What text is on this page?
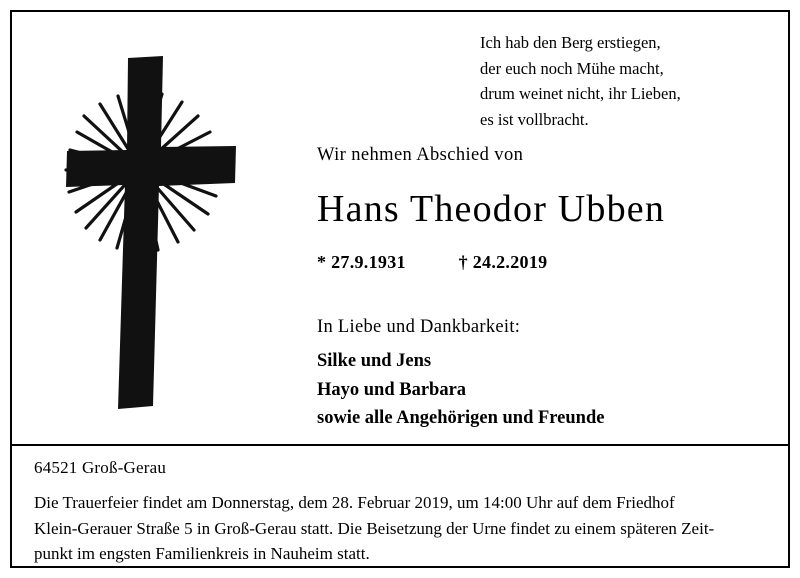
Ich hab den Berg erstiegen,
der euch noch Mühe macht,
drum weinet nicht, ihr Lieben,
es ist vollbracht.
Wir nehmen Abschied von
Hans Theodor Ubben
* 27.9.1931	† 24.2.2019
In Liebe und Dankbarkeit:
Silke und Jens
Hayo und Barbara
sowie alle Angehörigen und Freunde
64521 Groß-Gerau
Die Trauerfeier findet am Donnerstag, dem 28. Februar 2019, um 14:00 Uhr auf dem Friedhof
Klein-Gerauer Straße 5 in Groß-Gerau statt. Die Beisetzung der Urne findet zu einem späteren Zeit-
punkt im engsten Familienkreis in Nauheim statt.
